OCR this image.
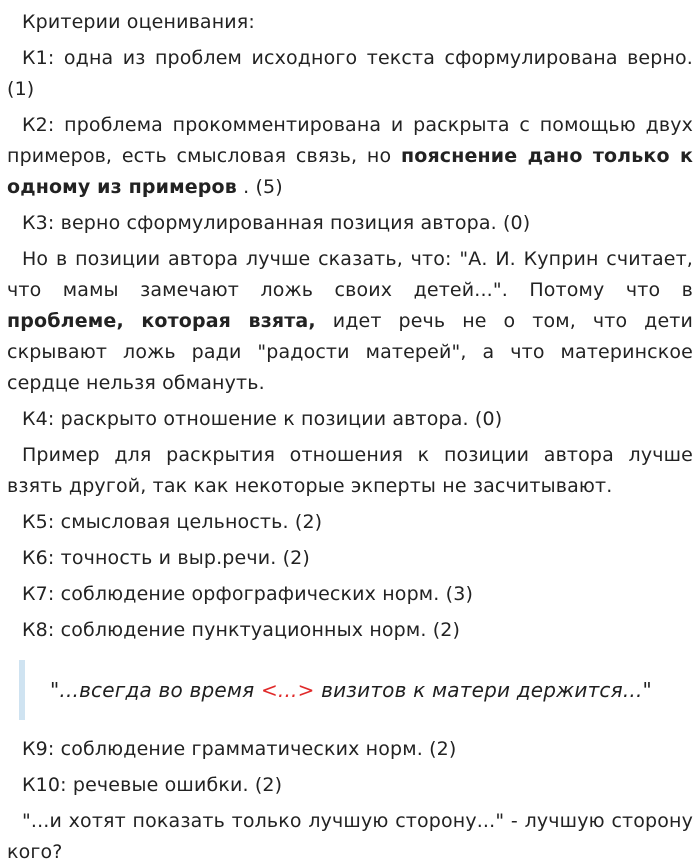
Критерии оценивания:

К1: одна из проблем исходного текста сформулирована верно. (1)

К2: проблема прокомментирована и раскрыта с помощью двух примеров, есть смысловая связь, но пояснение дано только к одному из примеров . (5)

К3: верно сформулированная позиция автора. (0)

Но в позиции автора лучше сказать, что: "А. И. Куприн считает, что мамы замечают ложь своих детей...". Потому что в проблеме, которая взята, идет речь не о том, что дети скрывают ложь ради "радости матерей", а что материнское сердце нельзя обмануть.

К4: раскрыто отношение к позиции автора. (0)

Пример для раскрытия отношения к позиции автора лучше взять другой, так как некоторые экперты не засчитывают.

К5: смысловая цельность. (2)

К6: точность и выр.речи. (2)

К7: соблюдение орфографических норм. (3)

К8: соблюдение пунктуационных норм. (2)

"...всегда во время <...> визитов к матери держится..."

К9: соблюдение грамматических норм. (2)

К10: речевые ошибки. (2)

"...и хотят показать только лучшую сторону..." - лучшую сторону кого?
